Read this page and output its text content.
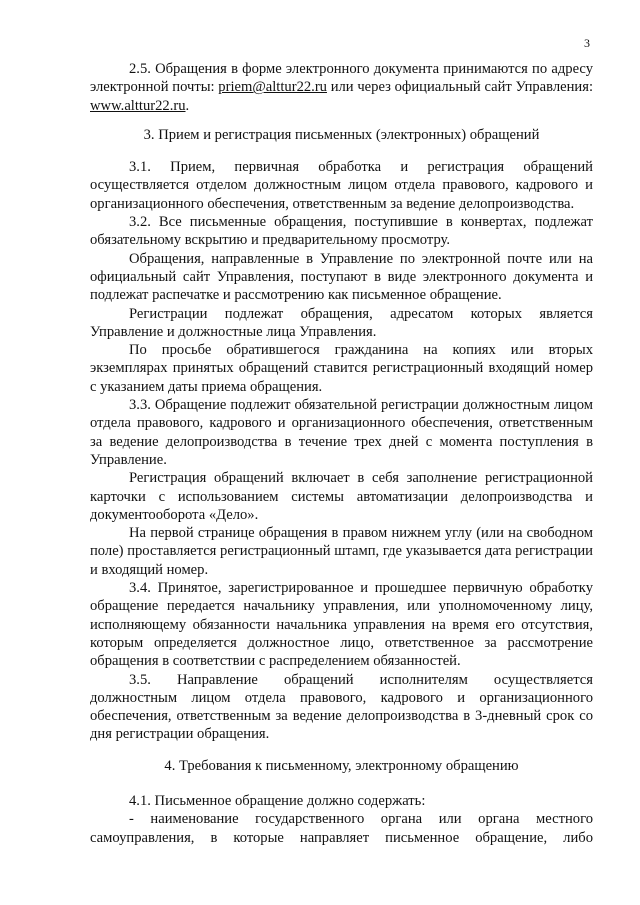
3

2.5. Обращения в форме электронного документа принимаются по адресу электронной почты: priem@alttur22.ru или через официальный сайт Управления: www.alttur22.ru.

3. Прием и регистрация письменных (электронных) обращений

3.1. Прием, первичная обработка и регистрация обращений осуществляется отделом должностным лицом отдела правового, кадрового и организационного обеспечения, ответственным за ведение делопроизводства.

3.2. Все письменные обращения, поступившие в конвертах, подлежат обязательному вскрытию и предварительному просмотру.

Обращения, направленные в Управление по электронной почте или на официальный сайт Управления, поступают в виде электронного документа и подлежат распечатке и рассмотрению как письменное обращение.

Регистрации подлежат обращения, адресатом которых является Управление и должностные лица Управления.

По просьбе обратившегося гражданина на копиях или вторых экземплярах принятых обращений ставится регистрационный входящий номер с указанием даты приема обращения.

3.3. Обращение подлежит обязательной регистрации должностным лицом отдела правового, кадрового и организационного обеспечения, ответственным за ведение делопроизводства в течение трех дней с момента поступления в Управление.

Регистрация обращений включает в себя заполнение регистрационной карточки с использованием системы автоматизации делопроизводства и документооборота «Дело».

На первой странице обращения в правом нижнем углу (или на свободном поле) проставляется регистрационный штамп, где указывается дата регистрации и входящий номер.

3.4. Принятое, зарегистрированное и прошедшее первичную обработку обращение передается начальнику управления, или уполномоченному лицу, исполняющему обязанности начальника управления на время его отсутствия, которым определяется должностное лицо, ответственное за рассмотрение обращения в соответствии с распределением обязанностей.

3.5. Направление обращений исполнителям осуществляется должностным лицом отдела правового, кадрового и организационного обеспечения, ответственным за ведение делопроизводства в 3-дневный срок со дня регистрации обращения.

4. Требования к письменному, электронному обращению

4.1. Письменное обращение должно содержать:

- наименование государственного органа или органа местного самоуправления, в которые направляет письменное обращение, либо
